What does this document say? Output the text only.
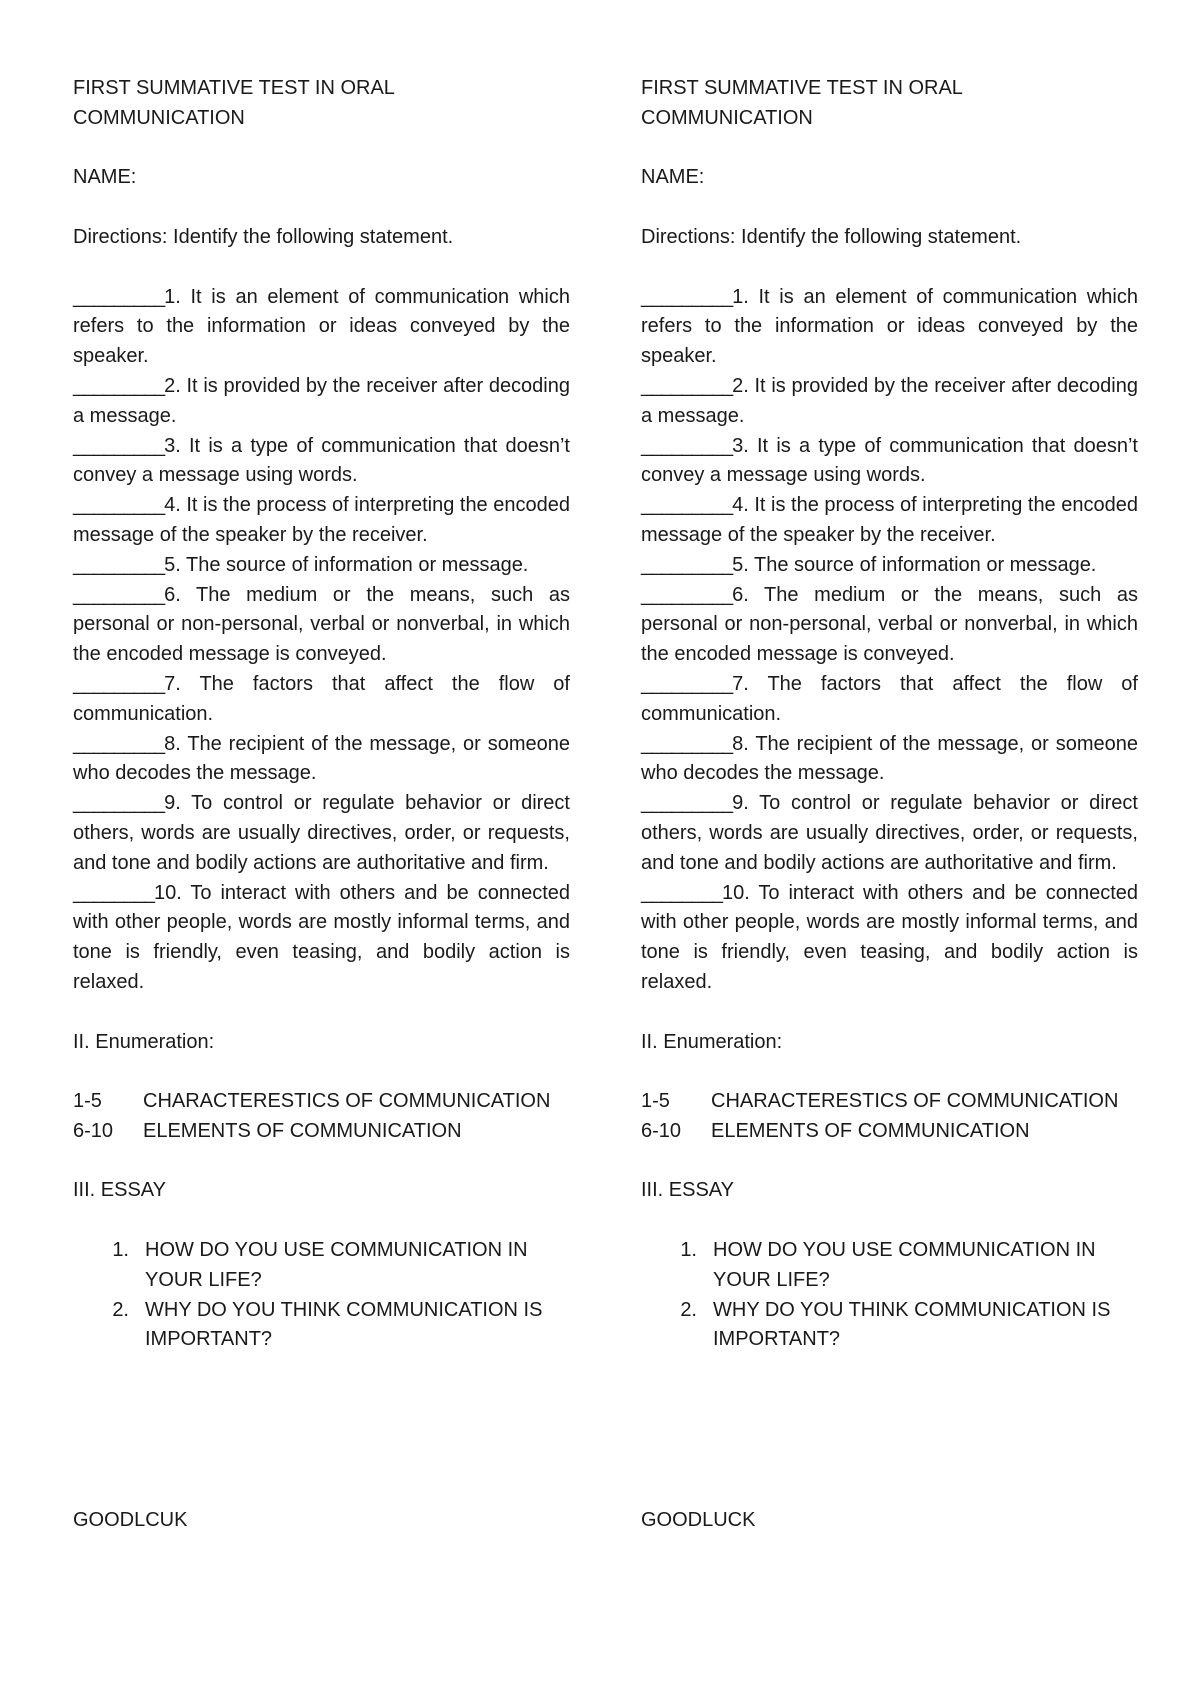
FIRST SUMMATIVE TEST IN ORAL
COMMUNICATION
NAME:
Directions: Identify the following statement.
_________1. It is an element of communication which refers to the information or ideas conveyed by the speaker.
_________2. It is provided by the receiver after decoding a message.
_________3. It is a type of communication that doesn’t convey a message using words.
_________4. It is the process of interpreting the encoded message of the speaker by the receiver.
_________5. The source of information or message.
_________6. The medium or the means, such as personal or non-personal, verbal or nonverbal, in which the encoded message is conveyed.
_________7. The factors that affect the flow of communication.
_________8. The recipient of the message, or someone who decodes the message.
_________9. To control or regulate behavior or direct others, words are usually directives, order, or requests, and tone and bodily actions are authoritative and firm.
________10. To interact with others and be connected with other people, words are mostly informal terms, and tone is friendly, even teasing, and bodily action is relaxed.
II. Enumeration:
1-5	CHARACTERESTICS OF COMMUNICATION
6-10	ELEMENTS OF COMMUNICATION
III. ESSAY
1. HOW DO YOU USE COMMUNICATION IN YOUR LIFE?
2. WHY DO YOU THINK COMMUNICATION IS IMPORTANT?
GOODLCUK
FIRST SUMMATIVE TEST IN ORAL
COMMUNICATION
NAME:
Directions: Identify the following statement.
_________1. It is an element of communication which refers to the information or ideas conveyed by the speaker.
_________2. It is provided by the receiver after decoding a message.
_________3. It is a type of communication that doesn’t convey a message using words.
_________4. It is the process of interpreting the encoded message of the speaker by the receiver.
_________5. The source of information or message.
_________6. The medium or the means, such as personal or non-personal, verbal or nonverbal, in which the encoded message is conveyed.
_________7. The factors that affect the flow of communication.
_________8. The recipient of the message, or someone who decodes the message.
_________9. To control or regulate behavior or direct others, words are usually directives, order, or requests, and tone and bodily actions are authoritative and firm.
________10. To interact with others and be connected with other people, words are mostly informal terms, and tone is friendly, even teasing, and bodily action is relaxed.
II. Enumeration:
1-5	CHARACTERESTICS OF COMMUNICATION
6-10	ELEMENTS OF COMMUNICATION
III. ESSAY
1. HOW DO YOU USE COMMUNICATION IN YOUR LIFE?
2. WHY DO YOU THINK COMMUNICATION IS IMPORTANT?
GOODLUCK
